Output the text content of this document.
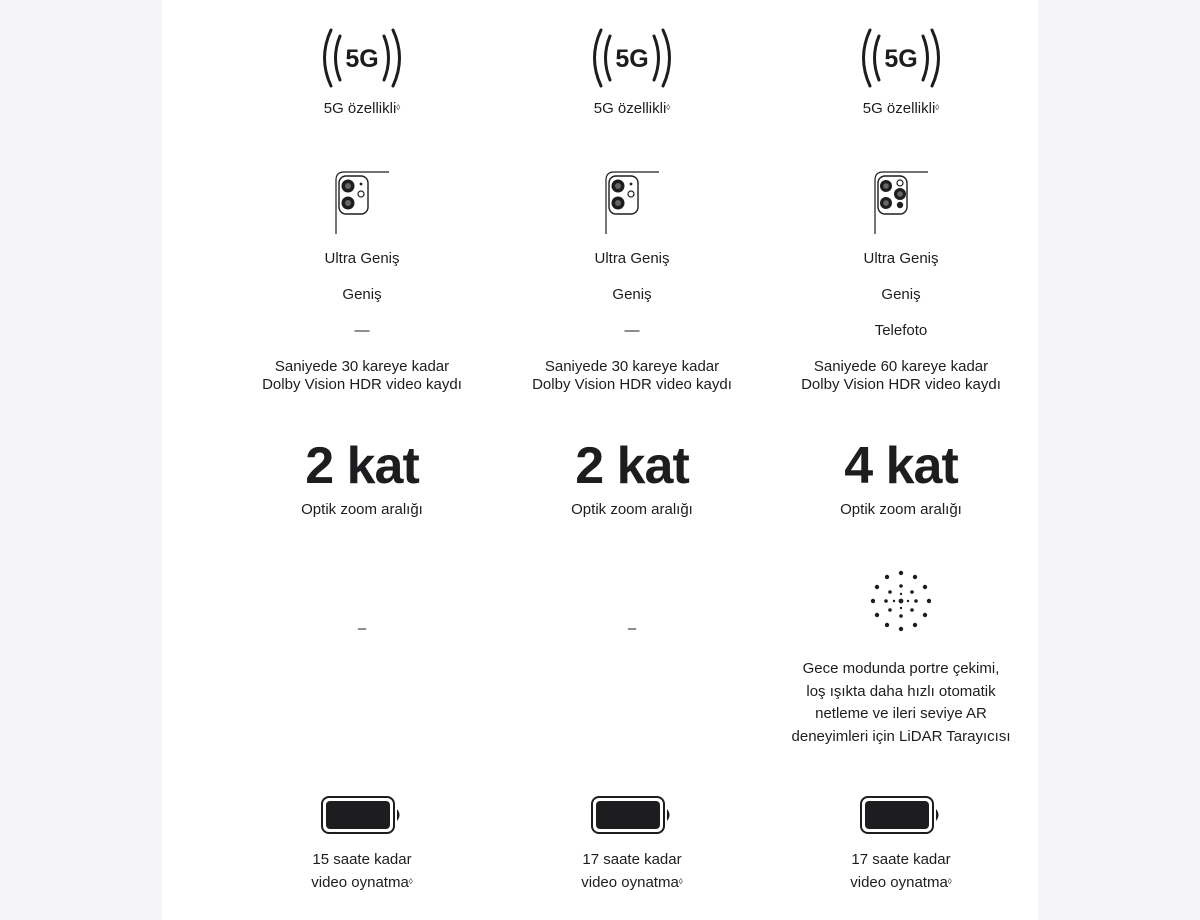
5G
5G özellikli◊
Ultra Geniş
Geniş
—
Saniyede 30 kareye kadar
Dolby Vision HDR video kaydı
2 kat
Optik zoom aralığı
–
15 saate kadar
video oynatma◊
5G
5G özellikli◊
Ultra Geniş
Geniş
—
Saniyede 30 kareye kadar
Dolby Vision HDR video kaydı
2 kat
Optik zoom aralığı
–
17 saate kadar
video oynatma◊
5G
5G özellikli◊
Ultra Geniş
Geniş
Telefoto
Saniyede 60 kareye kadar
Dolby Vision HDR video kaydı
4 kat
Optik zoom aralığı
Gece modunda portre çekimi,
loş ışıkta daha hızlı otomatik
netleme ve ileri seviye AR
deneyimleri için LiDAR Tarayıcısı
17 saate kadar
video oynatma◊
